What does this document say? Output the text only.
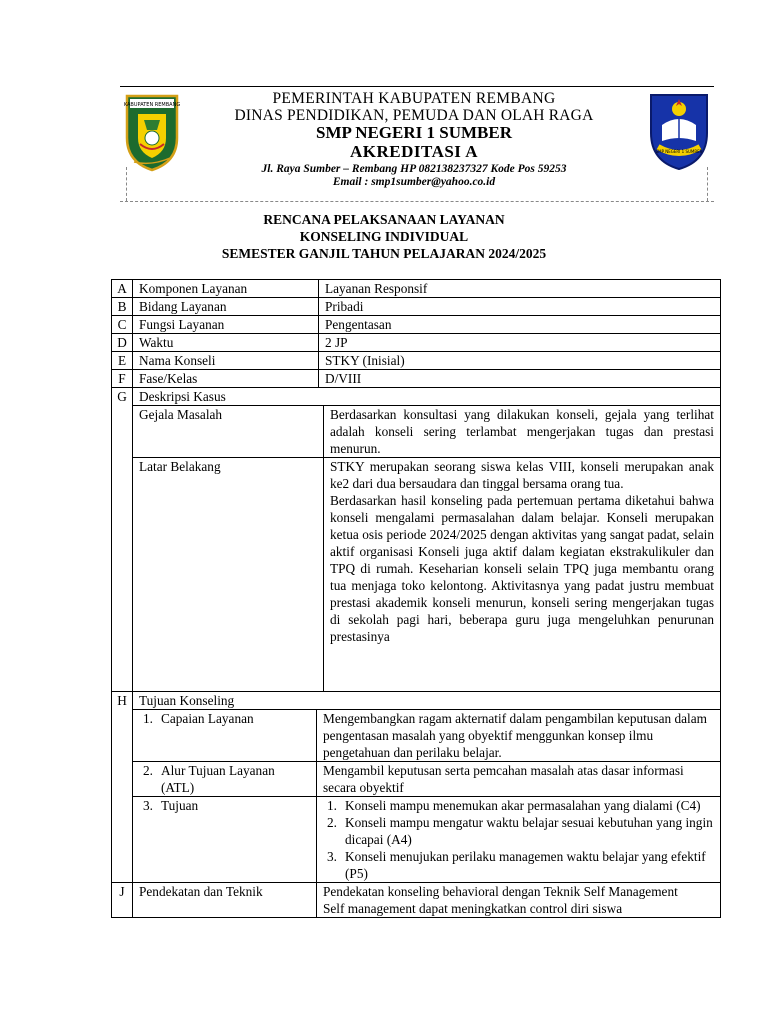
KABUPATEN REMBANG	PEMERINTAH KABUPATEN REMBANG
DINAS PENDIDIKAN, PEMUDA DAN OLAH RAGA
SMP NEGERI 1 SUMBER
AKREDITASI A
Jl. Raya Sumber – Rembang HP 082138237327 Kode Pos 59253
Email : smp1sumber@yahoo.co.id
SMP NEGERI 1 SUMBER
RENCANA PELAKSANAAN LAYANAN
KONSELING INDIVIDUAL
SEMESTER GANJIL TAHUN PELAJARAN 2024/2025
A	Komponen Layanan	Layanan Responsif
B	Bidang Layanan	Pribadi
C	Fungsi Layanan	Pengentasan
D	Waktu	2 JP
E	Nama Konseli	STKY (Inisial)
F	Fase/Kelas	D/VIII
G	Deskripsi Kasus

Gejala Masalah	Berdasarkan konsultasi yang dilakukan konseli, gejala yang terlihat adalah konseli sering terlambat mengerjakan tugas dan prestasi menurun.
Latar Belakang	STKY merupakan seorang siswa kelas VIII, konseli merupakan anak ke2 dari dua bersaudara dan tinggal bersama orang tua.
Berdasarkan hasil konseling pada pertemuan pertama diketahui bahwa konseli mengalami permasalahan dalam belajar. Konseli merupakan ketua osis periode 2024/2025 dengan aktivitas yang sangat padat, selain aktif organisasi Konseli juga aktif dalam kegiatan ekstrakulikuler dan TPQ di rumah. Keseharian konseli selain TPQ juga membantu orang tua menjaga toko kelontong. Aktivitasnya yang padat justru membuat prestasi akademik konseli menurun, konseli sering mengerjakan tugas di sekolah pagi hari, beberapa guru juga mengeluhkan penurunan prestasinya

H	Tujuan Konseling

1. Capaian Layanan	Mengembangkan ragam akternatif dalam pengambilan keputusan dalam pengentasan masalah yang obyektif menggunkan konsep ilmu pengetahuan dan perilaku belajar.

2. Alur Tujuan Layanan (ATL)
	Mengambil keputusan serta pemcahan masalah atas dasar informasi secara obyektif

3. Tujuan	1. Konseli mampu menemukan akar permasalahan yang dialami (C4)
2. Konseli mampu mengatur waktu belajar sesuai kebutuhan yang ingin dicapai (A4)
3. Konseli menujukan perilaku managemen waktu belajar yang efektif (P5)

J	Pendekatan dan Teknik	Pendekatan konseling behavioral dengan Teknik Self Management
Self management dapat meningkatkan control diri siswa
